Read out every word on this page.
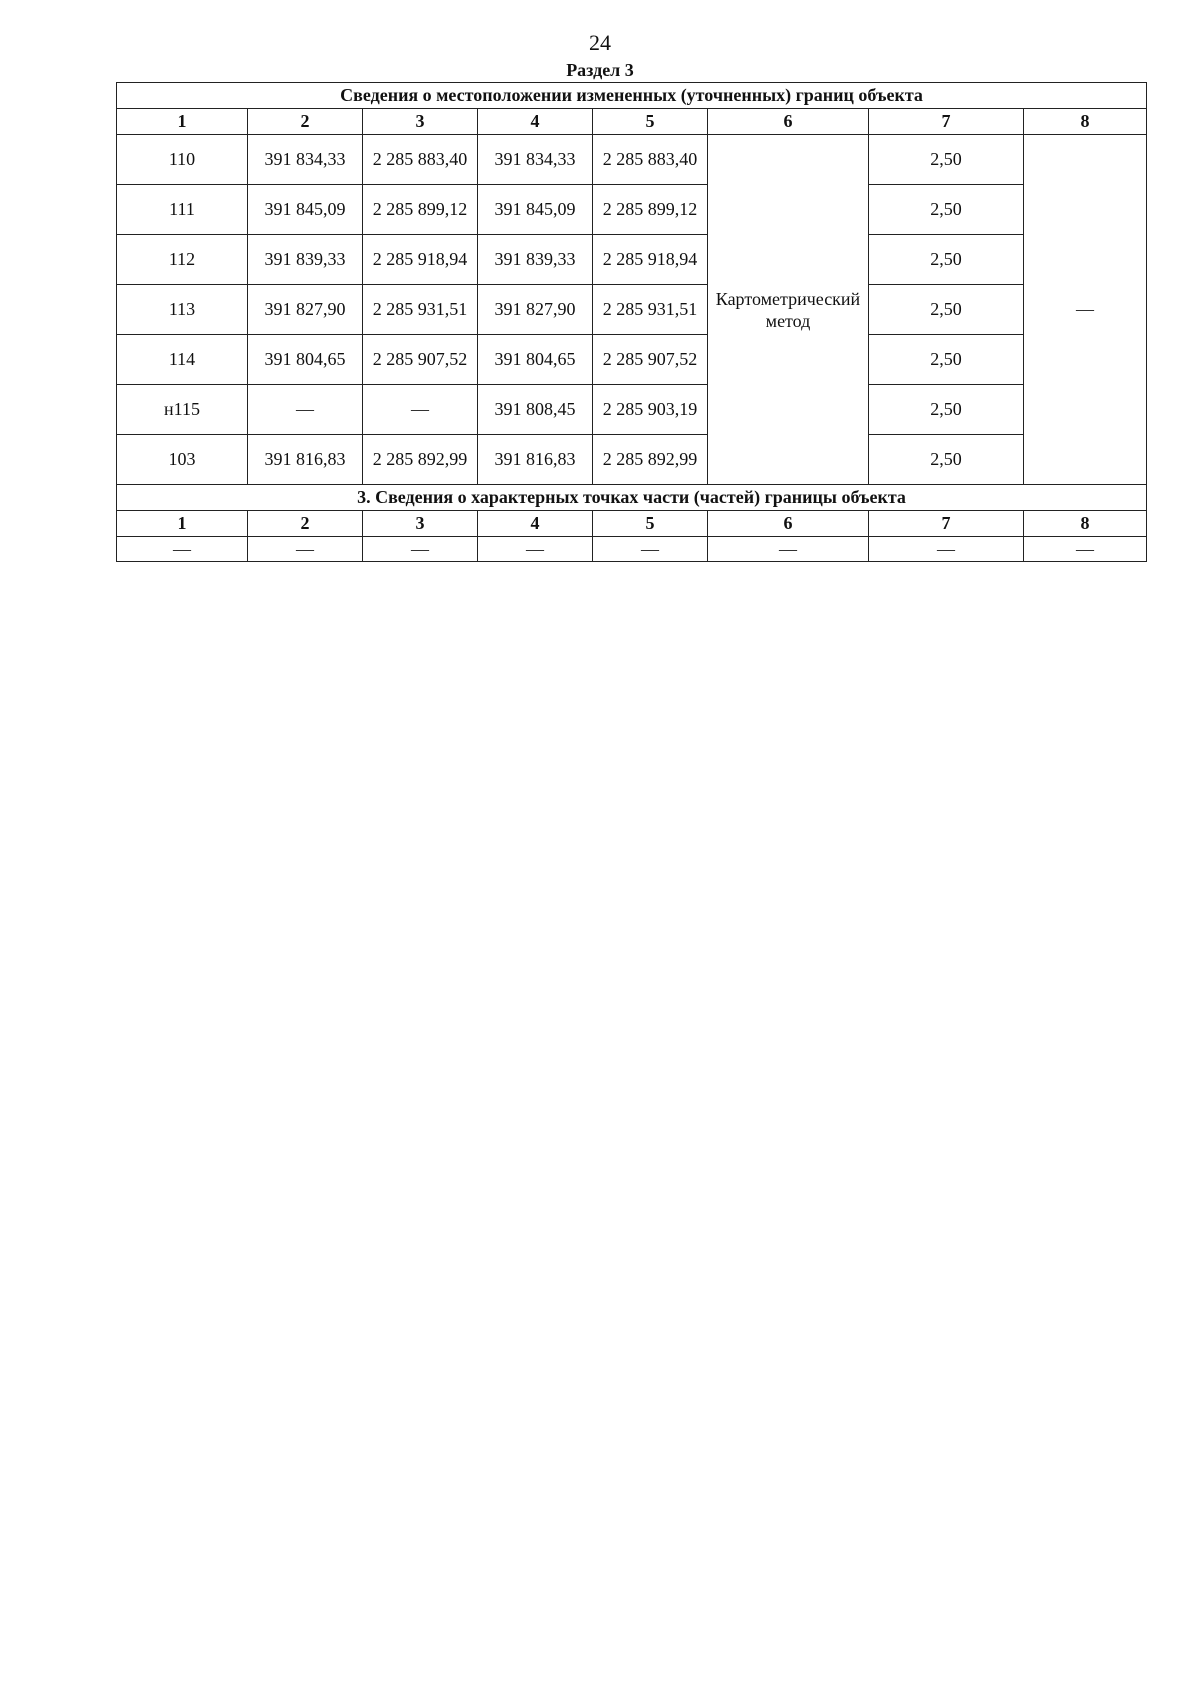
24
Раздел 3
Сведения о местоположении измененных (уточненных) границ объекта							
1	2	3	4	5	6	7	8
110	391 834,33	2 285 883,40	391 834,33	2 285 883,40	Картометрический метод	2,50	—
111	391 845,09	2 285 899,12	391 845,09	2 285 899,12		2,50	
112	391 839,33	2 285 918,94	391 839,33	2 285 918,94		2,50	
113	391 827,90	2 285 931,51	391 827,90	2 285 931,51		2,50	
114	391 804,65	2 285 907,52	391 804,65	2 285 907,52		2,50	
н115	—	—	391 808,45	2 285 903,19		2,50	
103	391 816,83	2 285 892,99	391 816,83	2 285 892,99		2,50	
3. Сведения о характерных точках части (частей) границы объекта							
1	2	3	4	5	6	7	8
—	—	—	—	—	—	—	—
